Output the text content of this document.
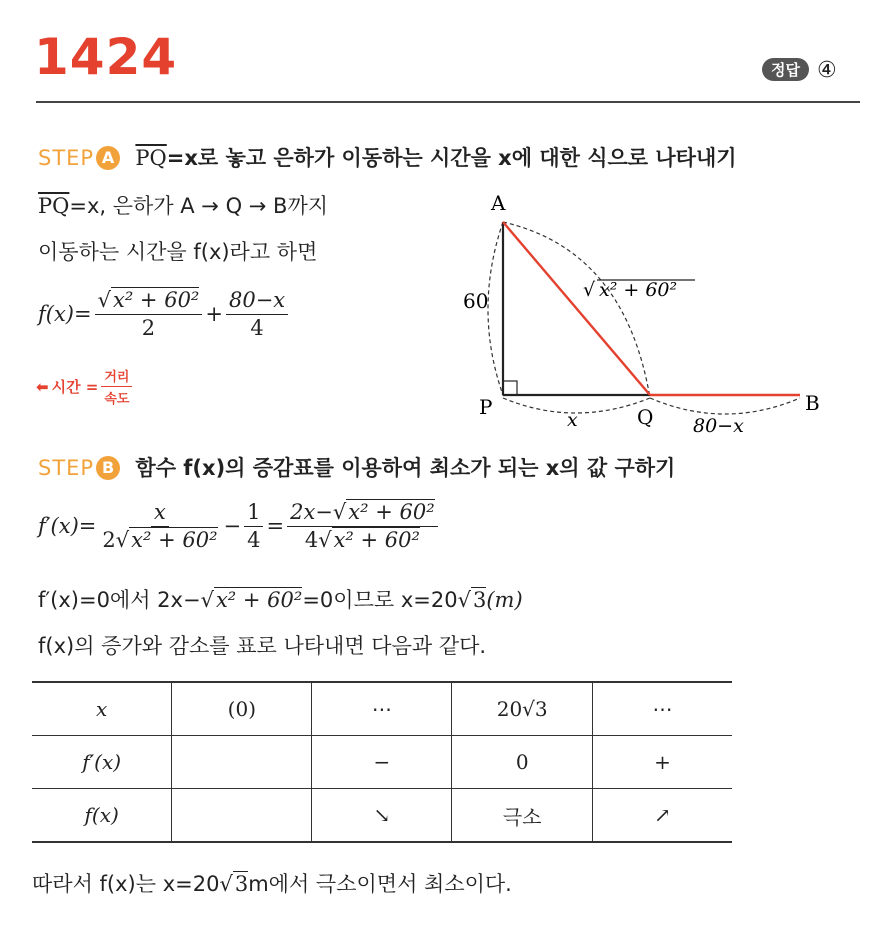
1424	정답 ④
STEP A $\overline{PQ}=x$로 놓고 은하가 이동하는 시간을 x에 대한 식으로 나타내기
$\overline{PQ}=x$, 은하가 A → Q → B까지
이동하는 시간을 f(x)라고 하면
$f(x)= \frac{\text{√x² + 60²}}{2} + \frac{80-x}{4}$
⬅ 시간 = $\frac{\text{거리}}{\text{속도}}$
A
P	Q
B
60	√ x² + 60²
x	80−x
STEP B 함수 f(x)의 증감표를 이용하여 최소가 되는 x의 값 구하기
$f'(x)= \frac{x}{\text{2√x² + 60²}} - \frac{1}{4} = \frac{\text{2x−√x² + 60²}}{\text{4√x² + 60²}}$
f′(x)=0에서 2x−√x² + 60²=0이므로 x=20√3(m)
f(x)의 증가와 감소를 표로 나타내면 다음과 같다.
x	(0)	⋯	20√3	⋯
f′(x)		−	0	+
f(x)		↘	극소	↗
따라서 f(x)는 x=20√3m에서 극소이면서 최소이다.
